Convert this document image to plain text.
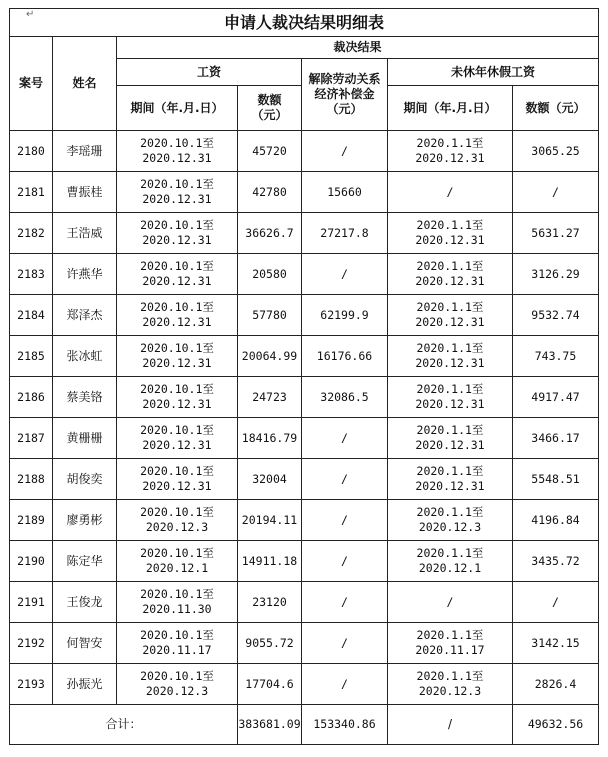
↵	申请人裁决结果明细表						
案号	姓名	裁决结果				
		工资		解除劳动关系
经济补偿金
（元）	未休年休假工资	
		期间（年.月.日）	数额
（元）		期间（年.月.日）	数额（元）
2180	李瑶珊	2020.10.1至
2020.12.31	45720	/	2020.1.1至
2020.12.31	3065.25
2181	曹振桂	2020.10.1至
2020.12.31	42780	15660	/	/
2182	王浩威	2020.10.1至
2020.12.31	36626.7	27217.8	2020.1.1至
2020.12.31	5631.27
2183	许燕华	2020.10.1至
2020.12.31	20580	/	2020.1.1至
2020.12.31	3126.29
2184	郑泽杰	2020.10.1至
2020.12.31	57780	62199.9	2020.1.1至
2020.12.31	9532.74
2185	张冰虹	2020.10.1至
2020.12.31	20064.99	16176.66	2020.1.1至
2020.12.31	743.75
2186	蔡美铬	2020.10.1至
2020.12.31	24723	32086.5	2020.1.1至
2020.12.31	4917.47
2187	黄栅栅	2020.10.1至
2020.12.31	18416.79	/	2020.1.1至
2020.12.31	3466.17
2188	胡俊奕	2020.10.1至
2020.12.31	32004	/	2020.1.1至
2020.12.31	5548.51
2189	廖勇彬	2020.10.1至
2020.12.3	20194.11	/	2020.1.1至
2020.12.3	4196.84
2190	陈定华	2020.10.1至
2020.12.1	14911.18	/	2020.1.1至
2020.12.1	3435.72
2191	王俊龙	2020.10.1至
2020.11.30	23120	/	/	/
2192	何智安	2020.10.1至
2020.11.17	9055.72	/	2020.1.1至
2020.11.17	3142.15
2193	孙振光	2020.10.1至
2020.12.3	17704.6	/	2020.1.1至
2020.12.3	2826.4
合计：			383681.09	153340.86	/	49632.56
